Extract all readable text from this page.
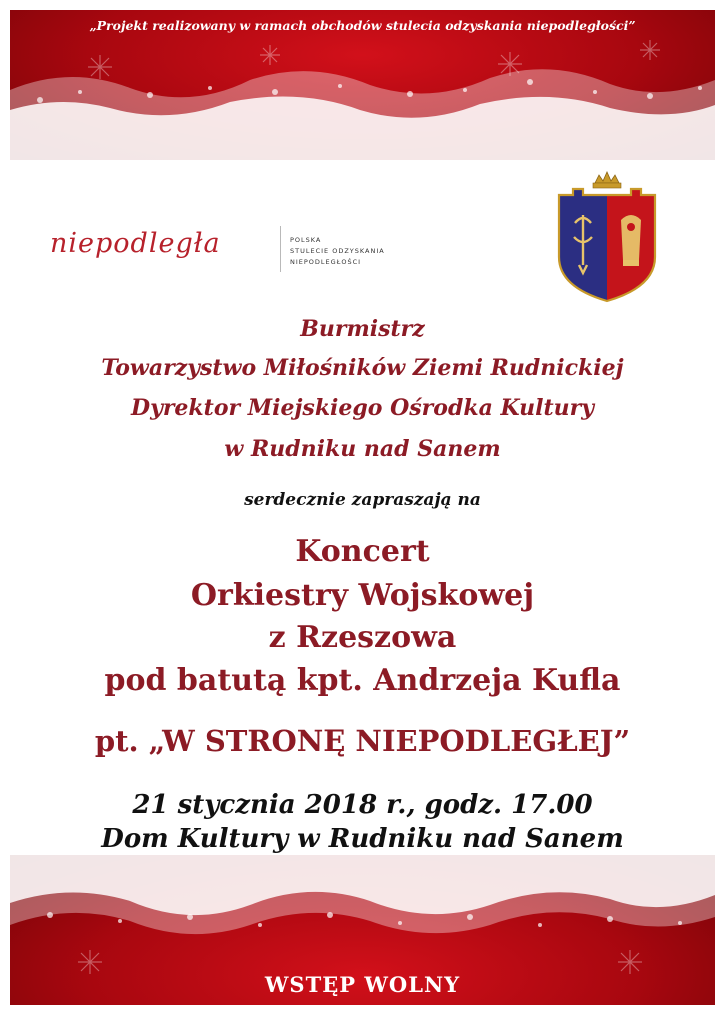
„Projekt realizowany w ramach obchodów stulecia odzyskania niepodległości”
niepodległa	POLSKA
STULECIE ODZYSKANIA
NIEPODLEGŁOŚCI
Burmistrz
Towarzystwo Miłośników Ziemi Rudnickiej
Dyrektor Miejskiego Ośrodka Kultury
w Rudniku nad Sanem
serdecznie zapraszają na
Koncert
Orkiestry Wojskowej
z Rzeszowa
pod batutą kpt. Andrzeja Kufla
pt. „W STRONĘ NIEPODLEGŁEJ”
21 stycznia 2018 r., godz. 17.00
Dom Kultury w Rudniku nad Sanem
WSTĘP WOLNY
